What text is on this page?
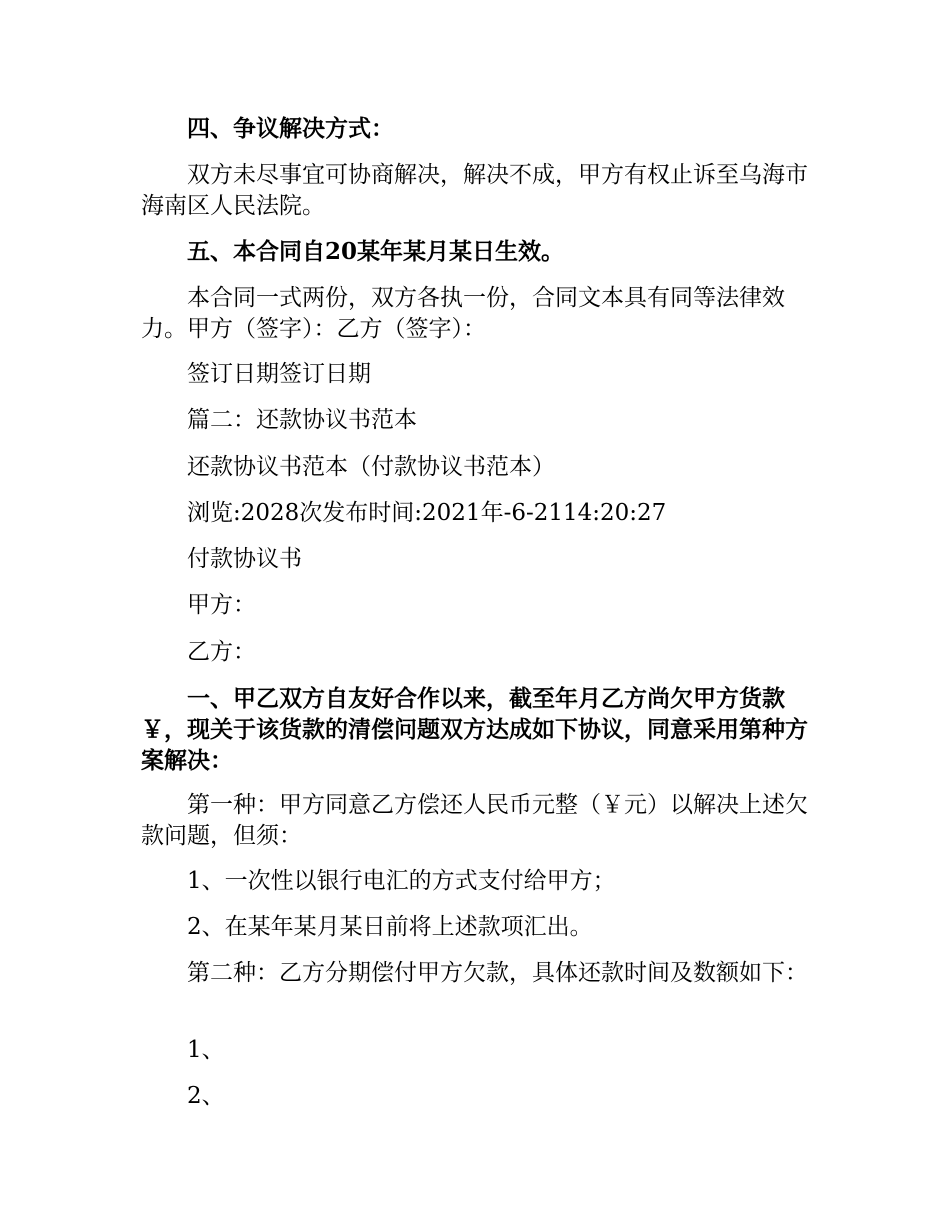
四、争议解决方式：

双方未尽事宜可协商解决，解决不成，甲方有权止诉至乌海市海南区人民法院。

五、本合同自20某年某月某日生效。

本合同一式两份，双方各执一份，合同文本具有同等法律效力。甲方（签字）：乙方（签字）：

签订日期签订日期

篇二：还款协议书范本

还款协议书范本（付款协议书范本）

浏览:2028次发布时间:2021年-6-2114:20:27

付款协议书

甲方：

乙方：

一、甲乙双方自友好合作以来，截至年月乙方尚欠甲方货款￥，现关于该货款的清偿问题双方达成如下协议，同意采用第种方案解决：

第一种：甲方同意乙方偿还人民币元整（￥元）以解决上述欠款问题，但须：

1、一次性以银行电汇的方式支付给甲方；

2、在某年某月某日前将上述款项汇出。

第二种：乙方分期偿付甲方欠款，具体还款时间及数额如下：

1、

2、
